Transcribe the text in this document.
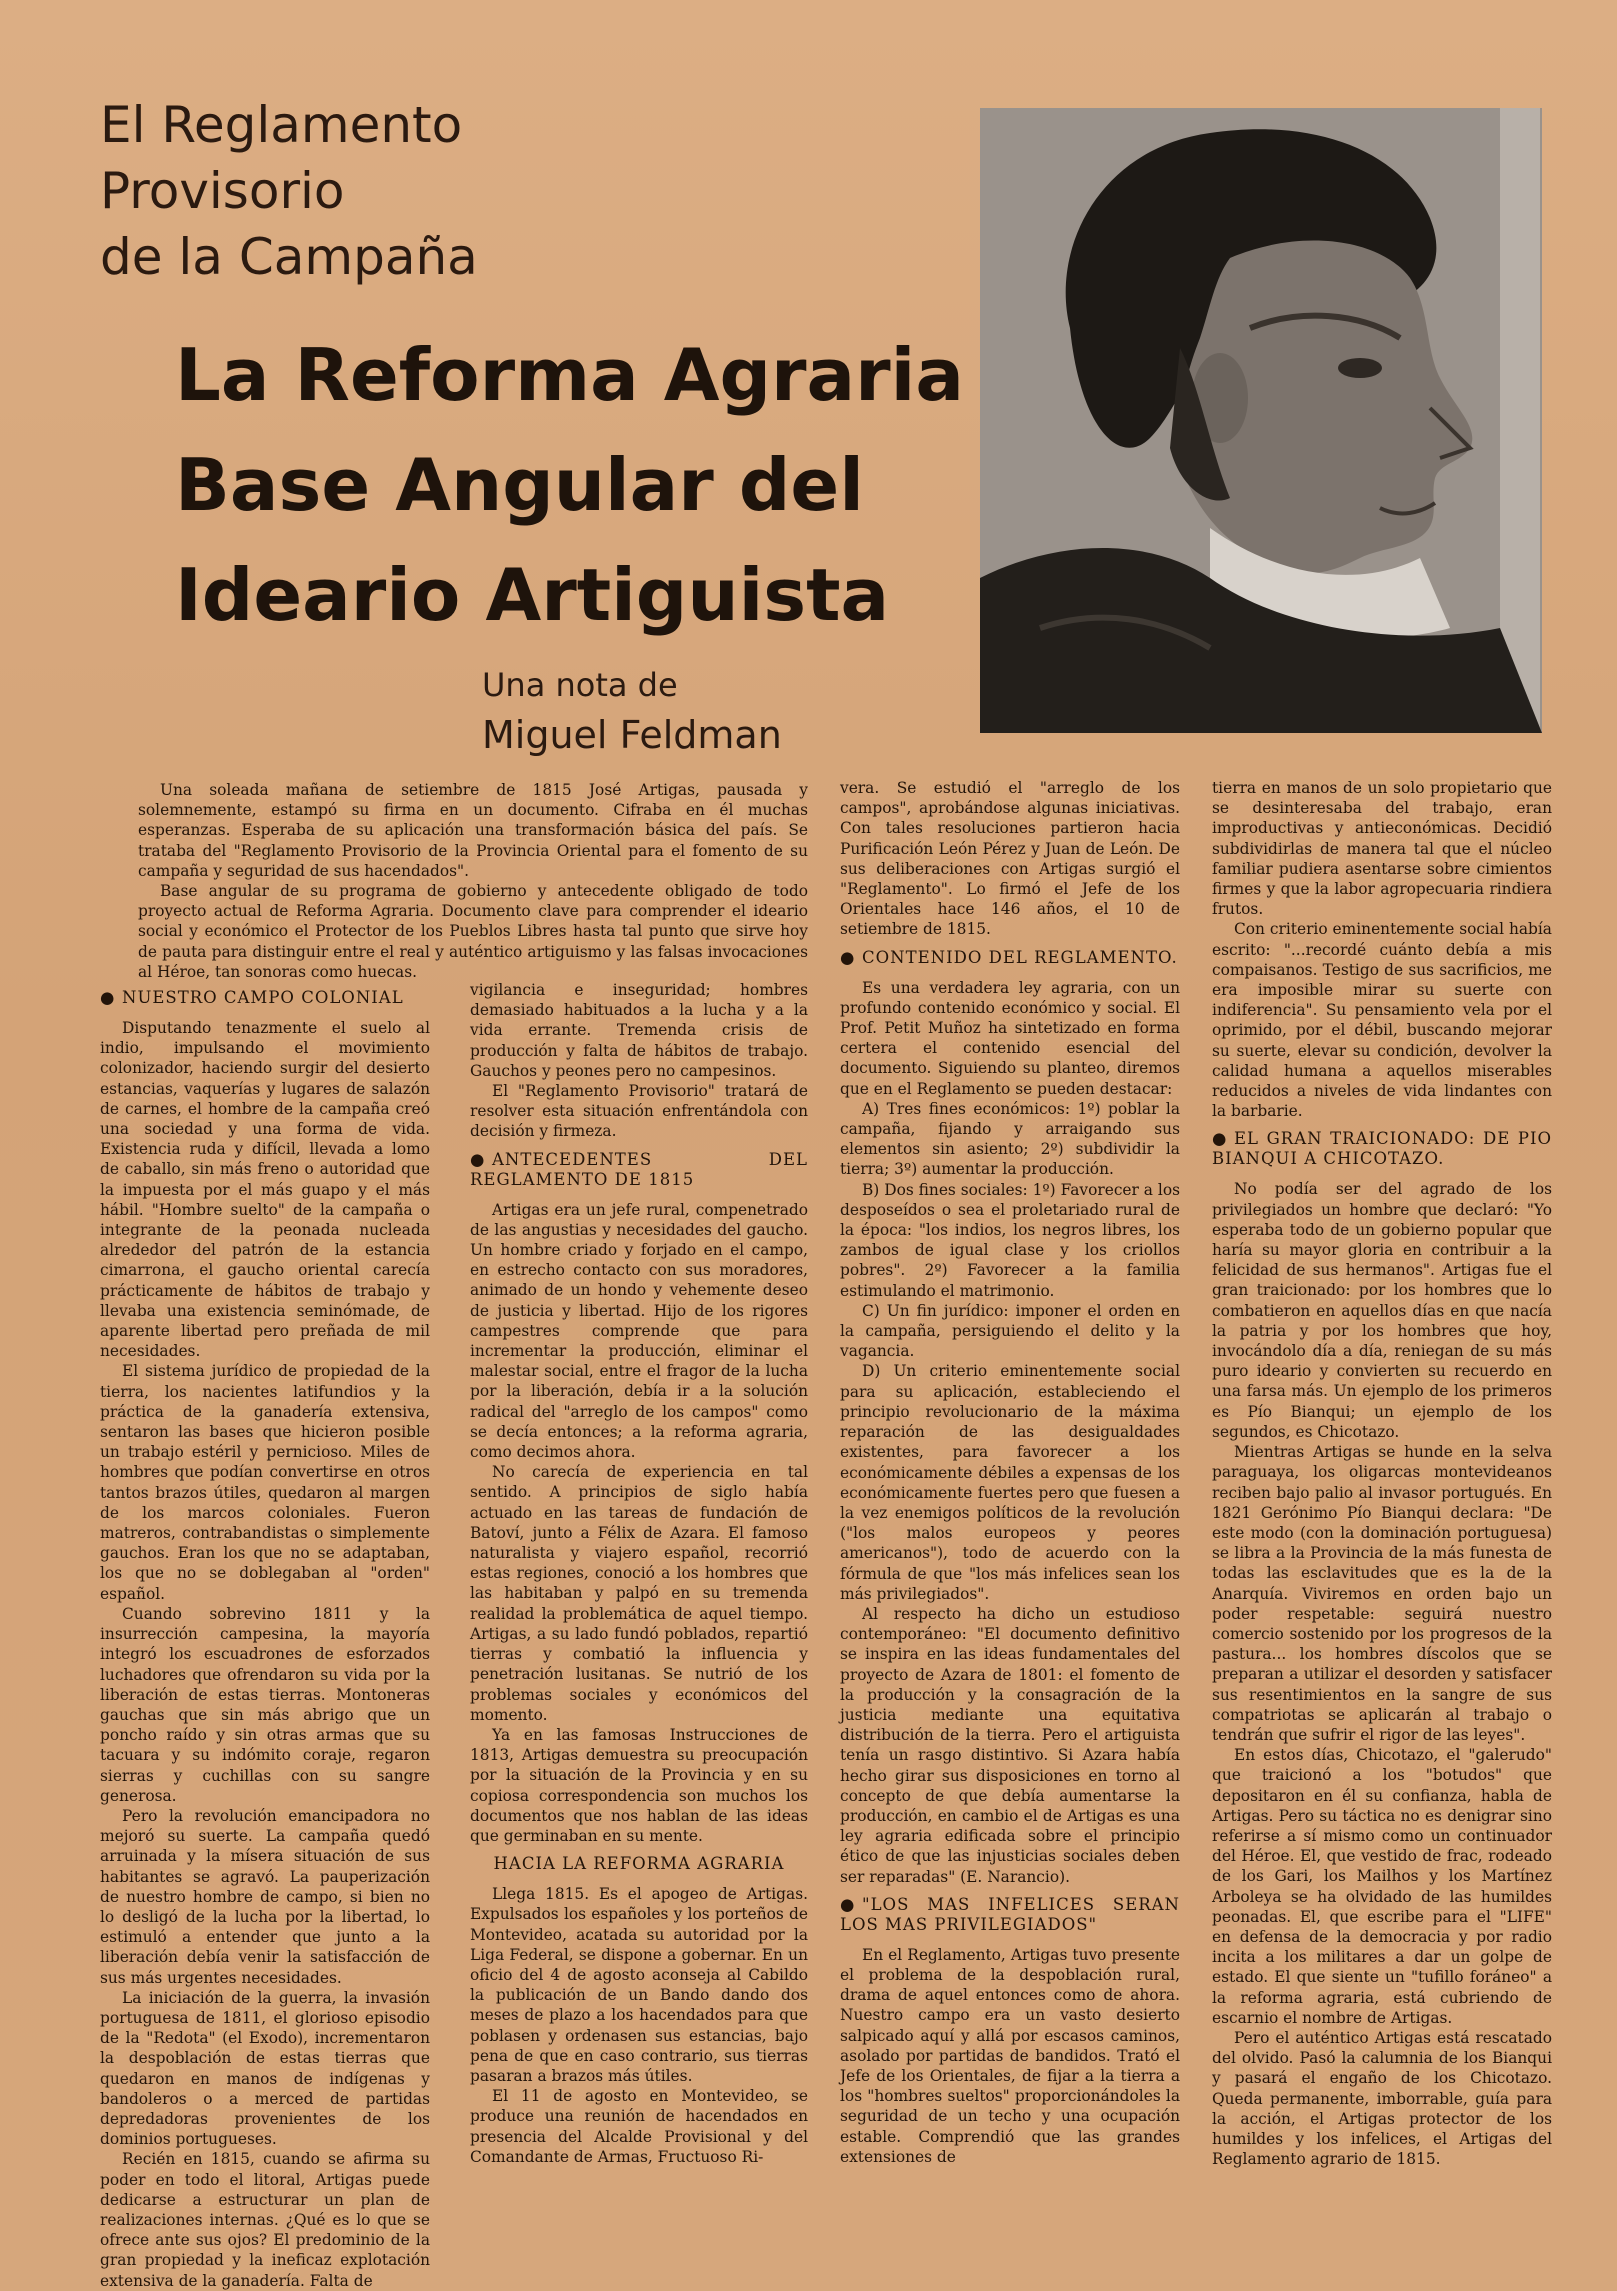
El Reglamento Provisorio
de la Campaña
La Reforma Agraria
Base Angular del
Ideario Artiguista
Una nota de
Miguel Feldman

Una soleada mañana de setiembre de 1815 José Artigas, pausada y solemnemente, estampó su firma en un documento. Cifraba en él muchas esperanzas. Esperaba de su aplicación una transformación básica del país. Se trataba del "Reglamento Provisorio de la Provincia Oriental para el fomento de su campaña y seguridad de sus hacendados".

Base angular de su programa de gobierno y antecedente obligado de todo proyecto actual de Reforma Agraria. Documento clave para comprender el ideario social y económico el Protector de los Pueblos Libres hasta tal punto que sirve hoy de pauta para distinguir entre el real y auténtico artiguismo y las falsas invocaciones al Héroe, tan sonoras como huecas.

● NUESTRO CAMPO COLONIAL

Disputando tenazmente el suelo al indio, impulsando el movimiento colonizador, haciendo surgir del desierto estancias, vaquerías y lugares de salazón de carnes, el hombre de la campaña creó una sociedad y una forma de vida. Existencia ruda y difícil, llevada a lomo de caballo, sin más freno o autoridad que la impuesta por el más guapo y el más hábil. "Hombre suelto" de la campaña o integrante de la peonada nucleada alrededor del patrón de la estancia cimarrona, el gaucho oriental carecía prácticamente de hábitos de trabajo y llevaba una existencia seminómade, de aparente libertad pero preñada de mil necesidades.

El sistema jurídico de propiedad de la tierra, los nacientes latifundios y la práctica de la ganadería extensiva, sentaron las bases que hicieron posible un trabajo estéril y pernicioso. Miles de hombres que podían convertirse en otros tantos brazos útiles, quedaron al margen de los marcos coloniales. Fueron matreros, contrabandistas o simplemente gauchos. Eran los que no se adaptaban, los que no se doblegaban al "orden" español.

Cuando sobrevino 1811 y la insurrección campesina, la mayoría integró los escuadrones de esforzados luchadores que ofrendaron su vida por la liberación de estas tierras. Montoneras gauchas que sin más abrigo que un poncho raído y sin otras armas que su tacuara y su indómito coraje, regaron sierras y cuchillas con su sangre generosa.

Pero la revolución emancipadora no mejoró su suerte. La campaña quedó arruinada y la mísera situación de sus habitantes se agravó. La pauperización de nuestro hombre de campo, si bien no lo desligó de la lucha por la libertad, lo estimuló a entender que junto a la liberación debía venir la satisfacción de sus más urgentes necesidades.

La iniciación de la guerra, la invasión portuguesa de 1811, el glorioso episodio de la "Redota" (el Exodo), incrementaron la despoblación de estas tierras que quedaron en manos de indígenas y bandoleros o a merced de partidas depredadoras provenientes de los dominios portugueses.

Recién en 1815, cuando se afirma su poder en todo el litoral, Artigas puede dedicarse a estructurar un plan de realizaciones internas. ¿Qué es lo que se ofrece ante sus ojos? El predominio de la gran propiedad y la ineficaz explotación extensiva de la ganadería. Falta de

vigilancia e inseguridad; hombres demasiado habituados a la lucha y a la vida errante. Tremenda crisis de producción y falta de hábitos de trabajo. Gauchos y peones pero no campesinos.

El "Reglamento Provisorio" tratará de resolver esta situación enfrentándola con decisión y firmeza.

● ANTECEDENTES DEL REGLAMENTO DE 1815

Artigas era un jefe rural, compenetrado de las angustias y necesidades del gaucho. Un hombre criado y forjado en el campo, en estrecho contacto con sus moradores, animado de un hondo y vehemente deseo de justicia y libertad. Hijo de los rigores campestres comprende que para incrementar la producción, eliminar el malestar social, entre el fragor de la lucha por la liberación, debía ir a la solución radical del "arreglo de los campos" como se decía entonces; a la reforma agraria, como decimos ahora.

No carecía de experiencia en tal sentido. A principios de siglo había actuado en las tareas de fundación de Batoví, junto a Félix de Azara. El famoso naturalista y viajero español, recorrió estas regiones, conoció a los hombres que las habitaban y palpó en su tremenda realidad la problemática de aquel tiempo. Artigas, a su lado fundó poblados, repartió tierras y combatió la influencia y penetración lusitanas. Se nutrió de los problemas sociales y económicos del momento.

Ya en las famosas Instrucciones de 1813, Artigas demuestra su preocupación por la situación de la Provincia y en su copiosa correspondencia son muchos los documentos que nos hablan de las ideas que germinaban en su mente.

HACIA LA REFORMA AGRARIA

Llega 1815. Es el apogeo de Artigas. Expulsados los españoles y los porteños de Montevideo, acatada su autoridad por la Liga Federal, se dispone a gobernar. En un oficio del 4 de agosto aconseja al Cabildo la publicación de un Bando dando dos meses de plazo a los hacendados para que poblasen y ordenasen sus estancias, bajo pena de que en caso contrario, sus tierras pasaran a brazos más útiles.

El 11 de agosto en Montevideo, se produce una reunión de hacendados en presencia del Alcalde Provisional y del Comandante de Armas, Fructuoso Ri-

vera. Se estudió el "arreglo de los campos", aprobándose algunas iniciativas. Con tales resoluciones partieron hacia Purificación León Pérez y Juan de León. De sus deliberaciones con Artigas surgió el "Reglamento". Lo firmó el Jefe de los Orientales hace 146 años, el 10 de setiembre de 1815.

● CONTENIDO DEL REGLAMENTO.

Es una verdadera ley agraria, con un profundo contenido económico y social. El Prof. Petit Muñoz ha sintetizado en forma certera el contenido esencial del documento. Siguiendo su planteo, diremos que en el Reglamento se pueden destacar:

A) Tres fines económicos: 1º) poblar la campaña, fijando y arraigando sus elementos sin asiento; 2º) subdividir la tierra; 3º) aumentar la producción.

B) Dos fines sociales: 1º) Favorecer a los desposeídos o sea el proletariado rural de la época: "los indios, los negros libres, los zambos de igual clase y los criollos pobres". 2º) Favorecer a la familia estimulando el matrimonio.

C) Un fin jurídico: imponer el orden en la campaña, persiguiendo el delito y la vagancia.

D) Un criterio eminentemente social para su aplicación, estableciendo el principio revolucionario de la máxima reparación de las desigualdades existentes, para favorecer a los económicamente débiles a expensas de los económicamente fuertes pero que fuesen a la vez enemigos políticos de la revolución ("los malos europeos y peores americanos"), todo de acuerdo con la fórmula de que "los más infelices sean los más privilegiados".

Al respecto ha dicho un estudioso contemporáneo: "El documento definitivo se inspira en las ideas fundamentales del proyecto de Azara de 1801: el fomento de la producción y la consagración de la justicia mediante una equitativa distribución de la tierra. Pero el artiguista tenía un rasgo distintivo. Si Azara había hecho girar sus disposiciones en torno al concepto de que debía aumentarse la producción, en cambio el de Artigas es una ley agraria edificada sobre el principio ético de que las injusticias sociales deben ser reparadas" (E. Narancio).

● "LOS MAS INFELICES SERAN LOS MAS PRIVILEGIADOS"

En el Reglamento, Artigas tuvo presente el problema de la despoblación rural, drama de aquel entonces como de ahora. Nuestro campo era un vasto desierto salpicado aquí y allá por escasos caminos, asolado por partidas de bandidos. Trató el Jefe de los Orientales, de fijar a la tierra a los "hombres sueltos" proporcionándoles la seguridad de un techo y una ocupación estable. Comprendió que las grandes extensiones de

tierra en manos de un solo propietario que se desinteresaba del trabajo, eran improductivas y antieconómicas. Decidió subdividirlas de manera tal que el núcleo familiar pudiera asentarse sobre cimientos firmes y que la labor agropecuaria rindiera frutos.

Con criterio eminentemente social había escrito: "...recordé cuánto debía a mis compaisanos. Testigo de sus sacrificios, me era imposible mirar su suerte con indiferencia". Su pensamiento vela por el oprimido, por el débil, buscando mejorar su suerte, elevar su condición, devolver la calidad humana a aquellos miserables reducidos a niveles de vida lindantes con la barbarie.

● EL GRAN TRAICIONADO: DE PIO BIANQUI A CHICOTAZO.

No podía ser del agrado de los privilegiados un hombre que declaró: "Yo esperaba todo de un gobierno popular que haría su mayor gloria en contribuir a la felicidad de sus hermanos". Artigas fue el gran traicionado: por los hombres que lo combatieron en aquellos días en que nacía la patria y por los hombres que hoy, invocándolo día a día, reniegan de su más puro ideario y convierten su recuerdo en una farsa más. Un ejemplo de los primeros es Pío Bianqui; un ejemplo de los segundos, es Chicotazo.

Mientras Artigas se hunde en la selva paraguaya, los oligarcas montevideanos reciben bajo palio al invasor portugués. En 1821 Gerónimo Pío Bianqui declara: "De este modo (con la dominación portuguesa) se libra a la Provincia de la más funesta de todas las esclavitudes que es la de la Anarquía. Viviremos en orden bajo un poder respetable: seguirá nuestro comercio sostenido por los progresos de la pastura... los hombres díscolos que se preparan a utilizar el desorden y satisfacer sus resentimientos en la sangre de sus compatriotas se aplicarán al trabajo o tendrán que sufrir el rigor de las leyes".

En estos días, Chicotazo, el "galerudo" que traicionó a los "botudos" que depositaron en él su confianza, habla de Artigas. Pero su táctica no es denigrar sino referirse a sí mismo como un continuador del Héroe. El, que vestido de frac, rodeado de los Gari, los Mailhos y los Martínez Arboleya se ha olvidado de las humildes peonadas. El, que escribe para el "LIFE" en defensa de la democracia y por radio incita a los militares a dar un golpe de estado. El que siente un "tufillo foráneo" a la reforma agraria, está cubriendo de escarnio el nombre de Artigas.

Pero el auténtico Artigas está rescatado del olvido. Pasó la calumnia de los Bianqui y pasará el engaño de los Chicotazo. Queda permanente, imborrable, guía para la acción, el Artigas protector de los humildes y los infelices, el Artigas del Reglamento agrario de 1815.
